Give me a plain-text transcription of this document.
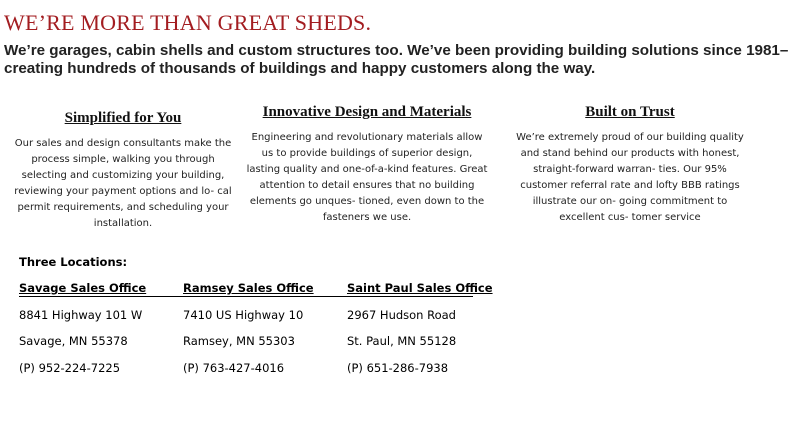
WE’RE MORE THAN GREAT SHEDS.
We’re garages, cabin shells and custom structures too. We’ve been providing building solutions since 1981–creating hundreds of thousands of buildings and happy customers along the way.
Simplified for You

Our sales and design consultants make the process simple, walking you through selecting and customizing your building, reviewing your payment options and lo- cal permit requirements, and scheduling your installation.

Innovative Design and Materials

Engineering and revolutionary materials allow us to provide buildings of superior design, lasting quality and one-of-a-kind features. Great attention to detail ensures that no building elements go unques- tioned, even down to the fasteners we use.

Built on Trust

We’re extremely proud of our building quality and stand behind our products with honest, straight-forward warran- ties. Our 95% customer referral rate and lofty BBB ratings illustrate our on- going commitment to excellent cus- tomer service

Three Locations:
Savage Sales Office
8841 Highway 101 W
Savage, MN 55378
(P) 952-224-7225
Ramsey Sales Office
7410 US Highway 10
Ramsey, MN 55303
(P) 763-427-4016
Saint Paul Sales Office
2967 Hudson Road
St. Paul, MN 55128
(P) 651-286-7938
